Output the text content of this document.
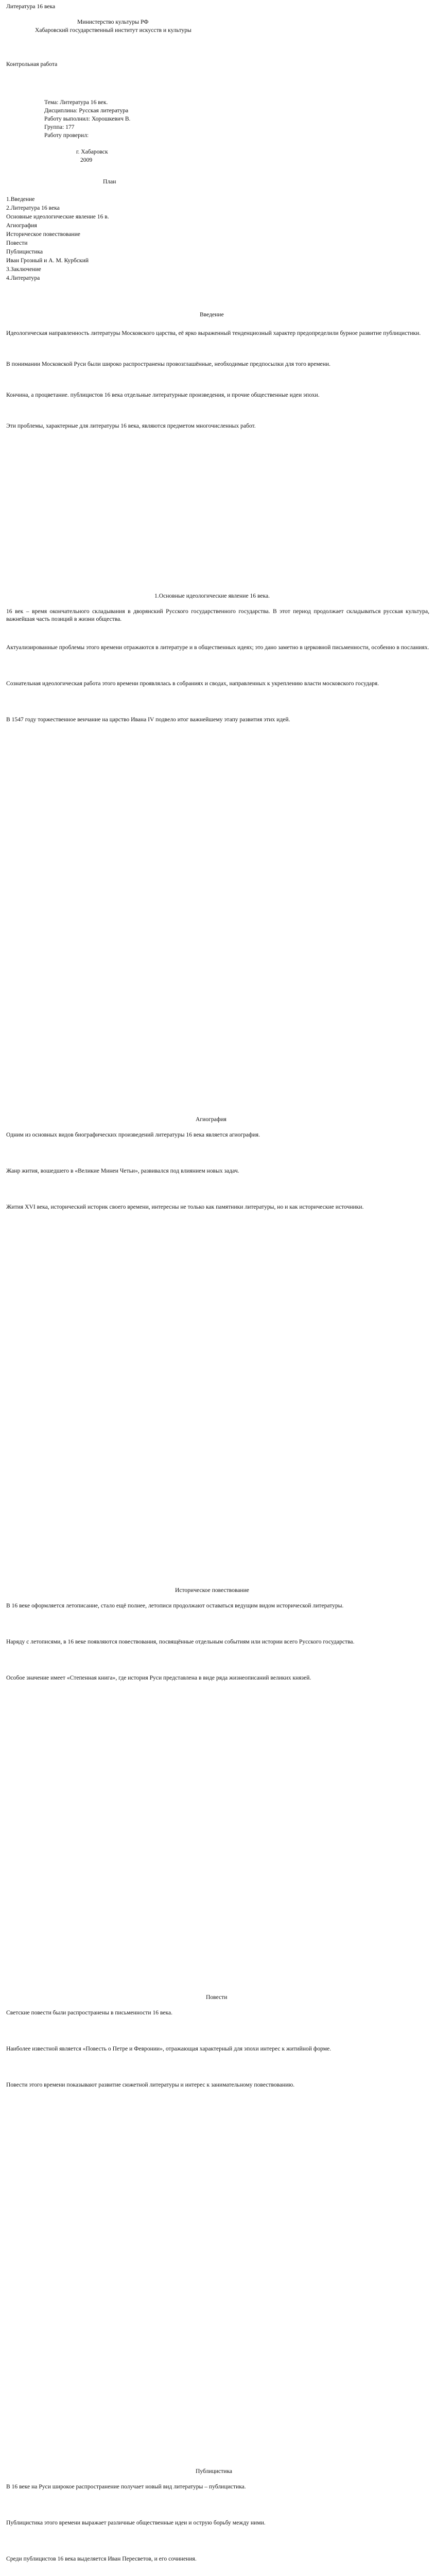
Литература 16 века
Министерство культуры РФ
Хабаровский государственный институт искусств и культуры
Контрольная работа
Тема: Литература 16 век.
Дисциплина: Русская литература
Работу выполнил: Хорошкевич В.
Группа: 177
Работу проверил:
г. Хабаровск
2009
План
1.Введение
2.Литература 16 века
Основные идеологические явление 16 в.
Агиография
Историческое повествование
Повести
Публицистика
Иван Грозный и А. М. Курбский
3.Заключение
4.Литература
Введение

Идеологическая направленность литературы Московского царства, её ярко выраженный тенденциозный характер предопределили бурное развитие публицистики.

В понимании Московской Руси были широко распространены провозглашённые, необходимые предпосылки для того времени.

Кончина, а процветание. публицистов 16 века отдельные литературные произведения, и прочие общественные идеи эпохи.

Эти проблемы, характерные для литературы 16 века, являются предметом многочисленных работ.

1.Основные идеологические явление 16 века.

16 век – время окончательного складывания в дворянский Русского государственного государства. В этот период продолжает складываться русская культура, важнейшая часть позиций в жизни общества.

Актуализированные проблемы этого времени отражаются в литературе и в общественных идеях; это дано заметно в церковной письменности, особенно в посланиях.

Сознательная идеологическая работа этого времени проявлялась в собраниях и сводах, направленных к укреплению власти московского государя.

В 1547 году торжественное венчание на царство Ивана IV подвело итог важнейшему этапу развития этих идей.

Агиография

Одним из основных видов биографических произведений литературы 16 века является агиография.

Жанр жития, вошедшего в «Великие Минеи Четьи», развивался под влиянием новых задач.

Жития XVI века, исторический историк своего времени, интересны не только как памятники литературы, но и как исторические источники.

Историческое повествование

В 16 веке оформляется летописание, стало ещё полнее, летописи продолжают оставаться ведущим видом исторической литературы.

Наряду с летописями, в 16 веке появляются повествования, посвящённые отдельным событиям или истории всего Русского государства.

Особое значение имеет «Степенная книга», где история Руси представлена в виде ряда жизнеописаний великих князей.

Повести

Светские повести были распространены в письменности 16 века.

Наиболее известной является «Повесть о Петре и Февронии», отражающая характерный для эпохи интерес к житийной форме.

Повести этого времени показывают развитие сюжетной литературы и интерес к занимательному повествованию.

Публицистика

В 16 веке на Руси широкое распространение получает новый вид литературы – публицистика.

Публицистика этого времени выражает различные общественные идеи и острую борьбу между ними.

Среди публицистов 16 века выделяется Иван Пересветов, и его сочинения.
